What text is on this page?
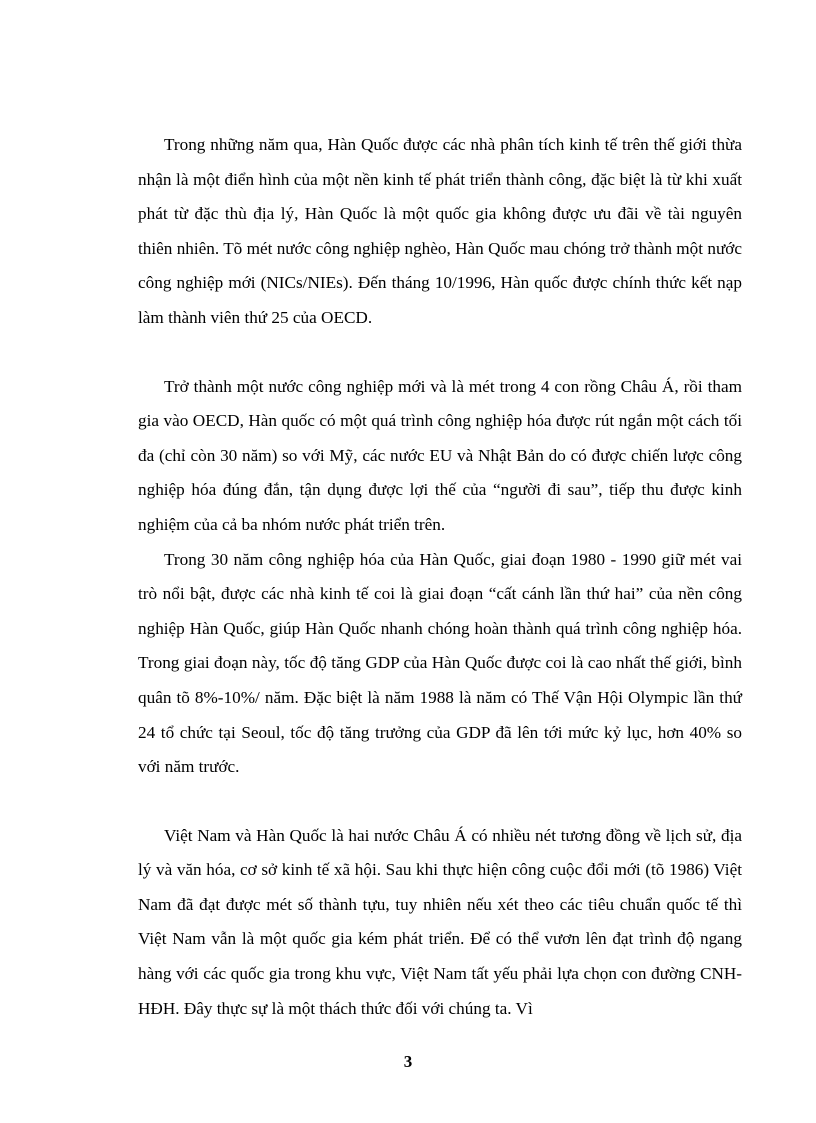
Trong những năm qua, Hàn Quốc được các nhà phân tích kinh tế trên thế giới thừa nhận là một điển hình của một nền kinh tế phát triển thành công, đặc biệt là từ khi xuất phát từ đặc thù địa lý, Hàn Quốc là một quốc gia không được ưu đãi về tài nguyên thiên nhiên. Tõ mét nước công nghiệp nghèo, Hàn Quốc mau chóng trở thành một nước công nghiệp mới (NICs/NIEs). Đến tháng 10/1996, Hàn quốc được chính thức kết nạp làm thành viên thứ 25 của OECD.

Trở thành một nước công nghiệp mới và là mét trong 4 con rồng Châu Á, rồi tham gia vào OECD, Hàn quốc có một quá trình công nghiệp hóa được rút ngắn một cách tối đa (chỉ còn 30 năm) so với Mỹ, các nước EU và Nhật Bản do có được chiến lược công nghiệp hóa đúng đắn, tận dụng được lợi thế của “người đi sau”, tiếp thu được kinh nghiệm của cả ba nhóm nước phát triển trên.

Trong 30 năm công nghiệp hóa của Hàn Quốc, giai đoạn 1980 - 1990 giữ mét vai trò nổi bật, được các nhà kinh tế coi là giai đoạn “cất cánh lần thứ hai” của nền công nghiệp Hàn Quốc, giúp Hàn Quốc nhanh chóng hoàn thành quá trình công nghiệp hóa. Trong giai đoạn này, tốc độ tăng GDP của Hàn Quốc được coi là cao nhất thế giới, bình quân tõ 8%-10%/ năm. Đặc biệt là năm 1988 là năm có Thế Vận Hội Olympic lần thứ 24 tổ chức tại Seoul, tốc độ tăng trưởng của GDP đã lên tới mức kỷ lục, hơn 40% so với năm trước.

Việt Nam và Hàn Quốc là hai nước Châu Á có nhiều nét tương đồng về lịch sử, địa lý và văn hóa, cơ sở kinh tế xã hội. Sau khi thực hiện công cuộc đổi mới (tõ 1986) Việt Nam đã đạt được mét số thành tựu, tuy nhiên nếu xét theo các tiêu chuẩn quốc tế thì Việt Nam vẫn là một quốc gia kém phát triển. Để có thể vươn lên đạt trình độ ngang hàng với các quốc gia trong khu vực, Việt Nam tất yếu phải lựa chọn con đường CNH-HĐH. Đây thực sự là một thách thức đối với chúng ta. Vì

3
